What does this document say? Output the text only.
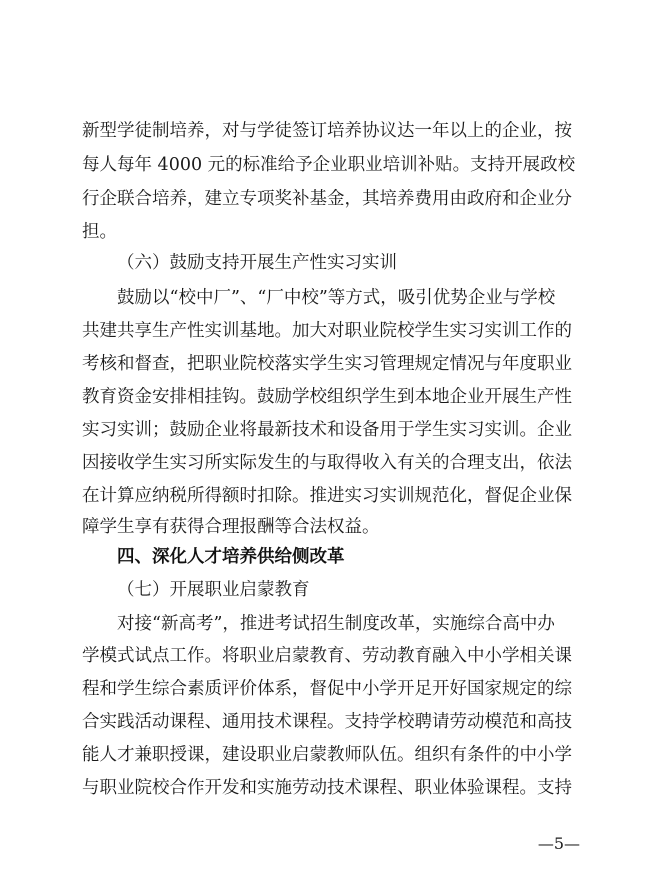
新型学徒制培养，对与学徒签订培养协议达一年以上的企业，按
每人每年 4000 元的标准给予企业职业培训补贴。支持开展政校
行企联合培养，建立专项奖补基金，其培养费用由政府和企业分
担。
（六）鼓励支持开展生产性实习实训
鼓励以“校中厂”、“厂中校”等方式，吸引优势企业与学校
共建共享生产性实训基地。加大对职业院校学生实习实训工作的
考核和督查，把职业院校落实学生实习管理规定情况与年度职业
教育资金安排相挂钩。鼓励学校组织学生到本地企业开展生产性
实习实训；鼓励企业将最新技术和设备用于学生实习实训。企业
因接收学生实习所实际发生的与取得收入有关的合理支出，依法
在计算应纳税所得额时扣除。推进实习实训规范化，督促企业保
障学生享有获得合理报酬等合法权益。
四、深化人才培养供给侧改革
（七）开展职业启蒙教育
对接“新高考”，推进考试招生制度改革，实施综合高中办
学模式试点工作。将职业启蒙教育、劳动教育融入中小学相关课
程和学生综合素质评价体系，督促中小学开足开好国家规定的综
合实践活动课程、通用技术课程。支持学校聘请劳动模范和高技
能人才兼职授课，建设职业启蒙教师队伍。组织有条件的中小学
与职业院校合作开发和实施劳动技术课程、职业体验课程。支持
—5—
